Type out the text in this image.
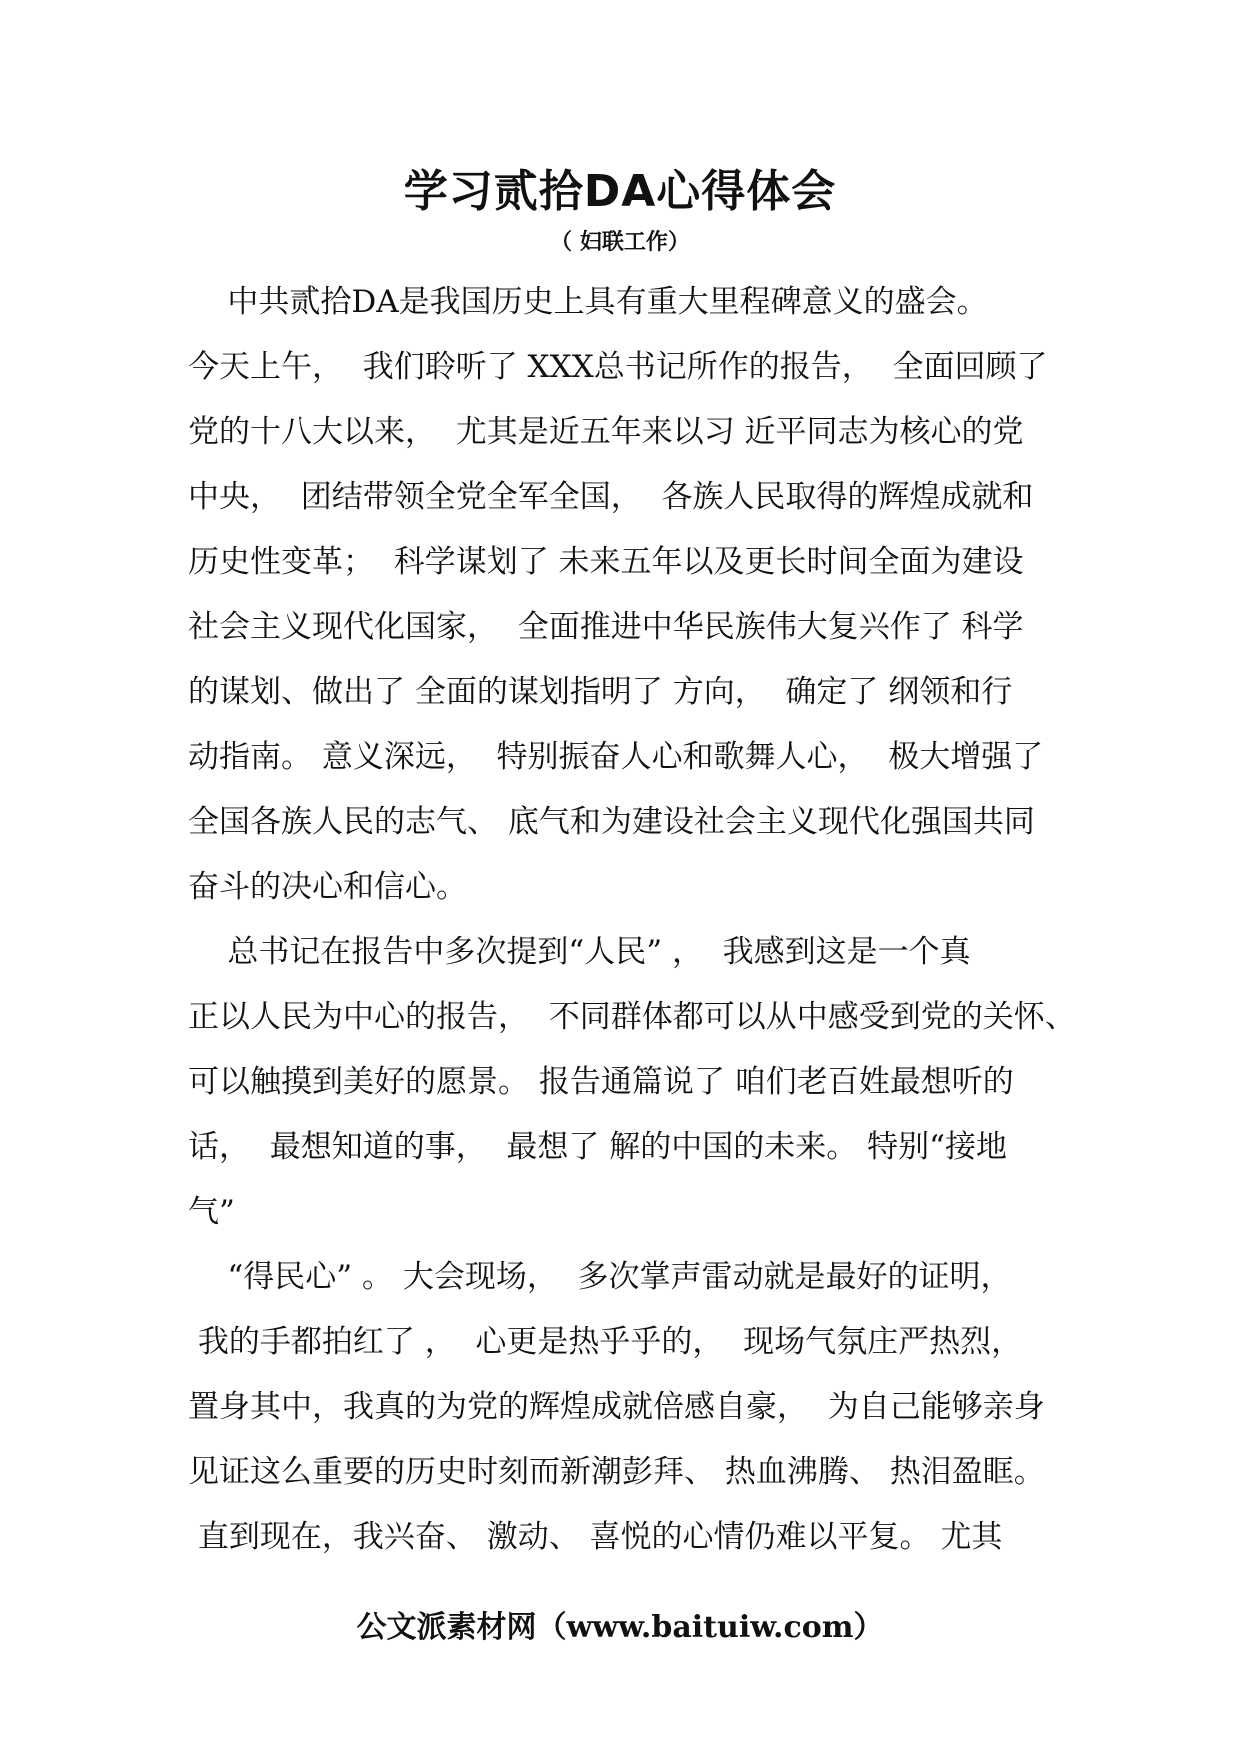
学习贰拾DA心得体会
（ 妇联工作）
中共贰拾DA是我国历史上具有重大里程碑意义的盛会。
今天上午，  我们聆听了 XXX总书记所作的报告，  全面回顾了
党的十八大以来，  尤其是近五年来以习 近平同志为核心的党
中央，  团结带领全党全军全国，  各族人民取得的辉煌成就和
历史性变革；  科学谋划了 未来五年以及更长时间全面为建设
社会主义现代化国家，  全面推进中华民族伟大复兴作了 科学
的谋划、做出了 全面的谋划指明了 方向，  确定了 纲领和行
动指南。 意义深远，  特别振奋人心和歌舞人心，  极大增强了
全国各族人民的志气、 底气和为建设社会主义现代化强国共同
奋斗的决心和信心。
总书记在报告中多次提到“人民” ，  我感到这是一个真
正以人民为中心的报告，  不同群体都可以从中感受到党的关怀、
可以触摸到美好的愿景。 报告通篇说了 咱们老百姓最想听的
话，  最想知道的事，  最想了 解的中国的未来。 特别“接地
气”
“得民心” 。 大会现场，  多次掌声雷动就是最好的证明，
我的手都拍红了 ，  心更是热乎乎的，  现场气氛庄严热烈，
置身其中，我真的为党的辉煌成就倍感自豪，  为自己能够亲身
见证这么重要的历史时刻而新潮彭拜、 热血沸腾、 热泪盈眶。
直到现在，我兴奋、 激动、 喜悦的心情仍难以平复。 尤其
公文派素材网（www.baituiw.com）
